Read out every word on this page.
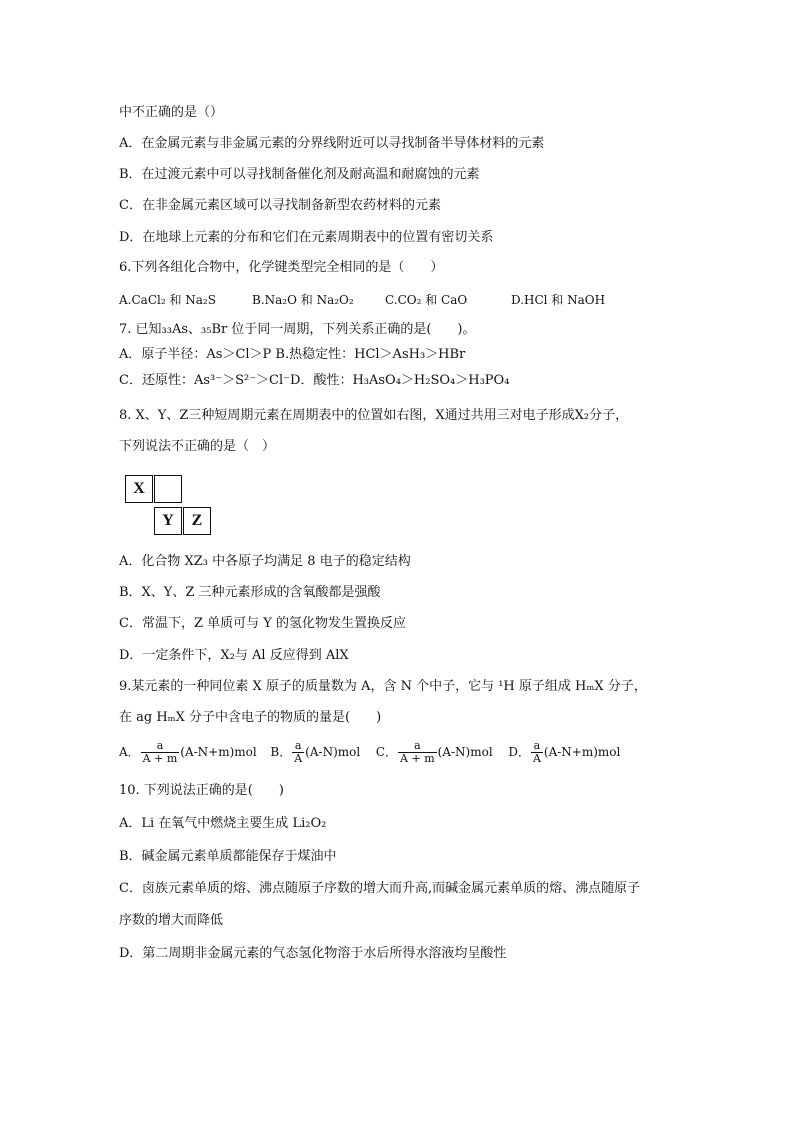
中不正确的是（）
A．在金属元素与非金属元素的分界线附近可以寻找制备半导体材料的元素
B．在过渡元素中可以寻找制备催化剂及耐高温和耐腐蚀的元素
C．在非金属元素区域可以寻找制备新型农药材料的元素
D．在地球上元素的分布和它们在元素周期表中的位置有密切关系
6.下列各组化合物中，化学键类型完全相同的是（　　）
A.CaCl₂ 和 Na₂S	B.Na₂O 和 Na₂O₂	C.CO₂ 和 CaO	D.HCl 和 NaOH
7. 已知₃₃As、₃₅Br 位于同一周期，下列关系正确的是(　　)。
A．原子半径：As＞Cl＞P B.热稳定性：HCl＞AsH₃＞HBr
C．还原性：As³⁻＞S²⁻＞Cl⁻D．酸性：H₃AsO₄＞H₂SO₄＞H₃PO₄
8. X、Y、Z三种短周期元素在周期表中的位置如右图，X通过共用三对电子形成X₂分子，
下列说法不正确的是（　）
X
Y	Z
A．化合物 XZ₃ 中各原子均满足 8 电子的稳定结构
B．X、Y、Z 三种元素形成的含氧酸都是强酸
C．常温下，Z 单质可与 Y 的氢化物发生置换反应
D．一定条件下，X₂与 Al 反应得到 AlX
9.某元素的一种同位素 X 原子的质量数为 A，含 N 个中子，它与 ¹H 原子组成 HₘX 分子，
在 ag HₘX 分子中含电子的物质的量是(　　)
A． $\frac{a}{A + m} (A-N+m)mol$ B． $\frac{a}{A} (A-N)mol$ C． $\frac{a}{A + m} (A-N)mol$ D． $\frac{a}{A} (A-N+m)mol$
10. 下列说法正确的是(　　)
A．Li 在氧气中燃烧主要生成 Li₂O₂
B．碱金属元素单质都能保存于煤油中
C．卤族元素单质的熔、沸点随原子序数的增大而升高,而碱金属元素单质的熔、沸点随原子
序数的增大而降低
D．第二周期非金属元素的气态氢化物溶于水后所得水溶液均呈酸性
